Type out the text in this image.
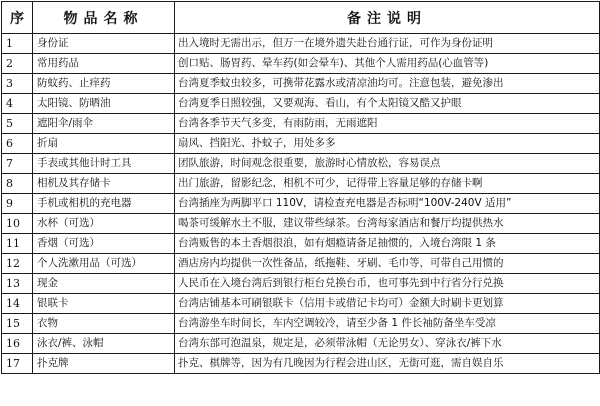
序	物品名称	备注说明
1	身份证	出入境时无需出示，但万一在境外遗失赴台通行证，可作为身份证明
2	常用药品	创口贴、肠胃药、晕车药(如会晕车)、其他个人需用药品(心血管等)
3	防蚊药、止痒药	台湾夏季蚊虫较多，可携带花露水或清凉油均可。注意包装，避免渗出
4	太阳镜、防晒油	台湾夏季日照较强，又要观海、看山，有个太阳镜又酷又护眼
5	遮阳伞/雨伞	台湾各季节天气多变，有雨防雨，无雨遮阳
6	折扇	扇风、挡阳光、扑蚊子，用处多多
7	手表或其他计时工具	团队旅游，时间观念很重要，旅游时心情放松，容易误点
8	相机及其存储卡	出门旅游，留影纪念，相机不可少，记得带上容量足够的存储卡啊
9	手机或相机的充电器	台湾插座为两脚平口 110V，请检查充电器是否标明“100V-240V 适用”
10	水杯（可选）	喝茶可缓解水土不服，建议带些绿茶。台湾每家酒店和餐厅均提供热水
11	香烟（可选）	台湾贩售的本土香烟很浪，如有烟瘾请备足抽惯的，入境台湾限 1 条
12	个人洗漱用品（可选）	酒店房内均提供一次性备品，纸拖鞋、牙刷、毛巾等，可带自己用惯的
13	现金	人民币在入境台湾后到银行柜台兑换台币，也可事先到中行省分行兑换
14	银联卡	台湾店铺基本可刷银联卡（信用卡或借记卡均可）金额大时刷卡更划算
15	衣物	台湾游坐车时间长，车内空调较冷，请至少备 1 件长袖防备坐车受凉
16	泳衣/裤、泳帽	台湾东部可泡温泉，规定是，必须带泳帽（无论男女）、穿泳衣/裤下水
17	扑克牌	扑克、棋牌等，因为有几晚因为行程会进山区，无街可逛，需自娱自乐
